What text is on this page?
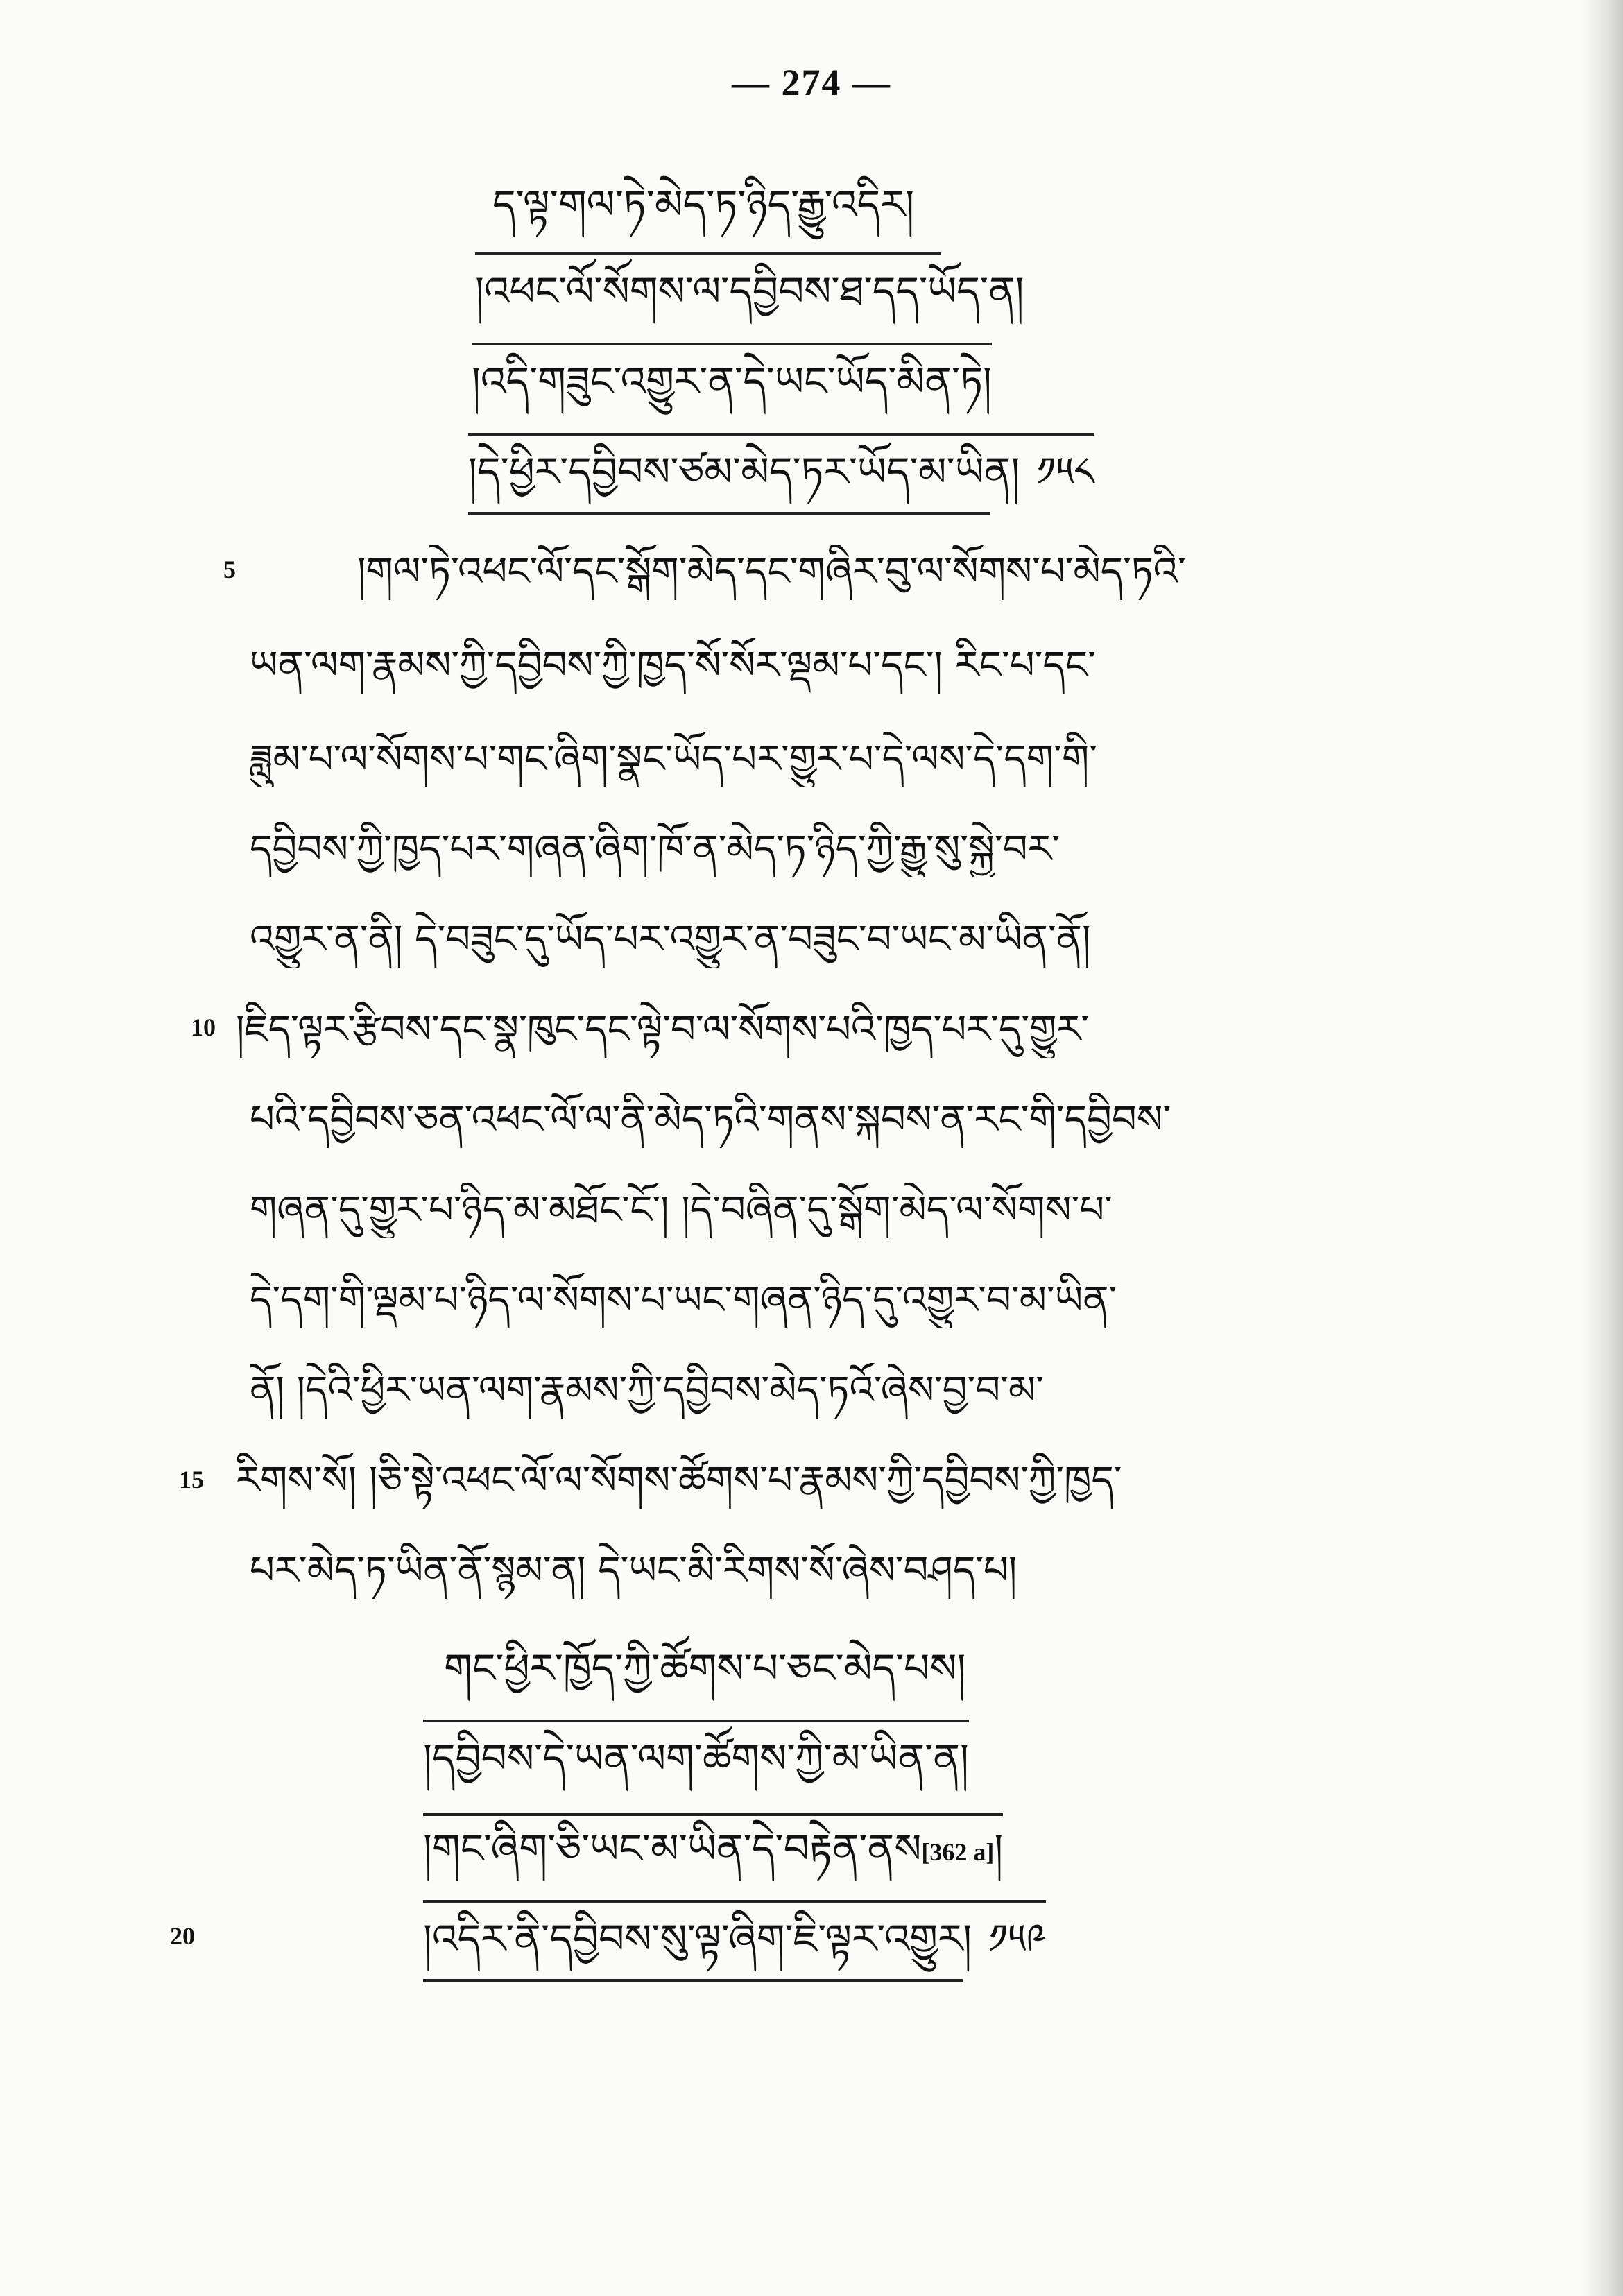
— 274 —
ད་ལྟ་གལ་ཏེ་མེད་ཏ་ཉིད་རྒྱུ་འདིར།
།འཕང་ལོ་སོགས་ལ་དབྱིབས་ཐ་དད་ཡོད་ན།
།འདི་གཟུང་འགྱུར་ན་དེ་ཡང་ཡོད་མིན་ཏེ།
།དེ་ཕྱིར་དབྱིབས་ཙམ་མེད་ཏར་ཡོད་མ་ཡིན། ༡༥༨
5	།གལ་ཏེ་འཕང་ལོ་དང་སྒོག་མེད་དང་གཞིར་བུ་ལ་སོགས་པ་མེད་ཏའི་
ཡན་ལག་རྣམས་ཀྱི་དབྱིབས་ཀྱི་ཁྱད་སོ་སོར་ལྡམ་པ་དང་། རིང་པ་དང་
ཟླུམ་པ་ལ་སོགས་པ་གང་ཞིག་སྣང་ཡོད་པར་གྱུར་པ་དེ་ལས་དེ་དག་གི་
དབྱིབས་ཀྱི་ཁྱད་པར་གཞན་ཞིག་ཁོ་ན་མེད་ཏ་ཉིད་ཀྱི་རྒྱུ་སུ་སྐྱེ་བར་
འགྱུར་ན་ནི། དེ་བཟུང་དུ་ཡོད་པར་འགྱུར་ན་བཟུང་བ་ཡང་མ་ཡིན་ནོ།
10 །ཇིད་ལྟར་རྩིབས་དང་སྣ་ཁུང་དང་ལྟེ་བ་ལ་སོགས་པའི་ཁྱད་པར་དུ་གྱུར་
པའི་དབྱིབས་ཅན་འཕང་ལོ་ལ་ནི་མེད་ཏའི་གནས་སྐབས་ན་རང་གི་དབྱིབས་
གཞན་དུ་གྱུར་པ་ཉིད་མ་མཐོང་ངོ་། །དེ་བཞིན་དུ་སྒོག་མེད་ལ་སོགས་པ་
དེ་དག་གི་ལྡམ་པ་ཉིད་ལ་སོགས་པ་ཡང་གཞན་ཉིད་དུ་འགྱུར་བ་མ་ཡིན་
ནོ། །དེའི་ཕྱིར་ཡན་ལག་རྣམས་ཀྱི་དབྱིབས་མེད་ཏའོ་ཞེས་བྱ་བ་མ་
15 རིགས་སོ། །ཅི་སྟེ་འཕང་ལོ་ལ་སོགས་ཚོགས་པ་རྣམས་ཀྱི་དབྱིབས་ཀྱི་ཁྱད་
པར་མེད་ཏ་ཡིན་ནོ་སྙམ་ན། དེ་ཡང་མི་རིགས་སོ་ཞེས་བཤད་པ།
གང་ཕྱིར་ཁྱོད་ཀྱི་ཚོགས་པ་ཅང་མེད་པས།
།དབྱིབས་དེ་ཡན་ལག་ཚོགས་ཀྱི་མ་ཡིན་ན།
།གང་ཞིག་ཅི་ཡང་མ་ཡིན་དེ་བརྟེན་ནས[362 a]།
20	།འདིར་ནི་དབྱིབས་སུ་ལྟ་ཞིག་ཇི་ལྟར་འགྱུར། ༡༥༩
